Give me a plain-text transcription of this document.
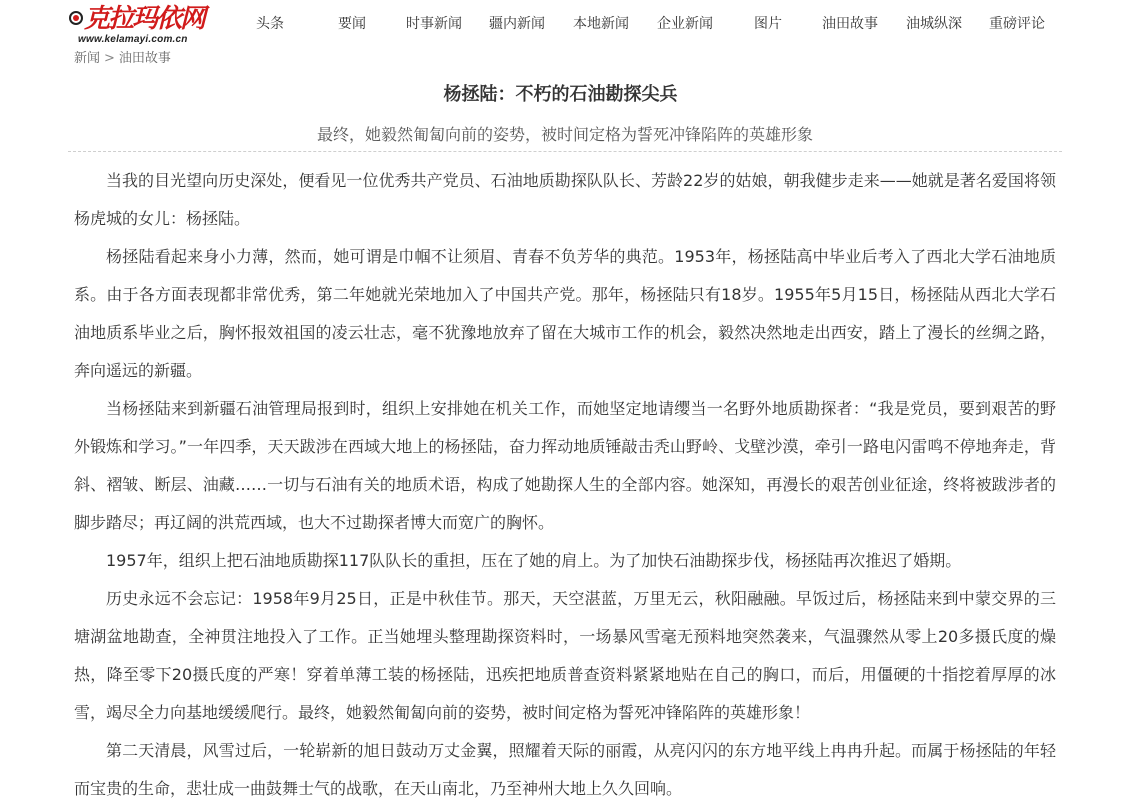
克拉玛依网
www.kelamayi.com.cn
头条	要闻	时事新闻 疆内新闻 本地新闻 企业新闻	图片	油田故事 油城纵深 重磅评论
新闻 > 油田故事
杨拯陆：不朽的石油勘探尖兵
最终，她毅然匍匐向前的姿势，被时间定格为誓死冲锋陷阵的英雄形象

当我的目光望向历史深处，便看见一位优秀共产党员、石油地质勘探队队长、芳龄22岁的姑娘，朝我健步走来——她就是著名爱国将领杨虎城的女儿：杨拯陆。

杨拯陆看起来身小力薄，然而，她可谓是巾帼不让须眉、青春不负芳华的典范。1953年，杨拯陆高中毕业后考入了西北大学石油地质系。由于各方面表现都非常优秀，第二年她就光荣地加入了中国共产党。那年，杨拯陆只有18岁。1955年5月15日，杨拯陆从西北大学石油地质系毕业之后，胸怀报效祖国的凌云壮志，毫不犹豫地放弃了留在大城市工作的机会，毅然决然地走出西安，踏上了漫长的丝绸之路，奔向遥远的新疆。

当杨拯陆来到新疆石油管理局报到时，组织上安排她在机关工作，而她坚定地请缨当一名野外地质勘探者：“我是党员，要到艰苦的野外锻炼和学习。”一年四季，天天跋涉在西域大地上的杨拯陆，奋力挥动地质锤敲击秃山野岭、戈壁沙漠，牵引一路电闪雷鸣不停地奔走，背斜、褶皱、断层、油藏……一切与石油有关的地质术语，构成了她勘探人生的全部内容。她深知，再漫长的艰苦创业征途，终将被跋涉者的脚步踏尽；再辽阔的洪荒西域，也大不过勘探者博大而宽广的胸怀。

1957年，组织上把石油地质勘探117队队长的重担，压在了她的肩上。为了加快石油勘探步伐，杨拯陆再次推迟了婚期。

历史永远不会忘记：1958年9月25日，正是中秋佳节。那天，天空湛蓝，万里无云，秋阳融融。早饭过后，杨拯陆来到中蒙交界的三塘湖盆地勘查，全神贯注地投入了工作。正当她埋头整理勘探资料时，一场暴风雪毫无预料地突然袭来，气温骤然从零上20多摄氏度的燥热，降至零下20摄氏度的严寒！穿着单薄工装的杨拯陆，迅疾把地质普查资料紧紧地贴在自己的胸口，而后，用僵硬的十指挖着厚厚的冰雪，竭尽全力向基地缓缓爬行。最终，她毅然匍匐向前的姿势，被时间定格为誓死冲锋陷阵的英雄形象！

第二天清晨，风雪过后，一轮崭新的旭日鼓动万丈金翼，照耀着天际的丽霞，从亮闪闪的东方地平线上冉冉升起。而属于杨拯陆的年轻而宝贵的生命，悲壮成一曲鼓舞士气的战歌，在天山南北，乃至神州大地上久久回响。
